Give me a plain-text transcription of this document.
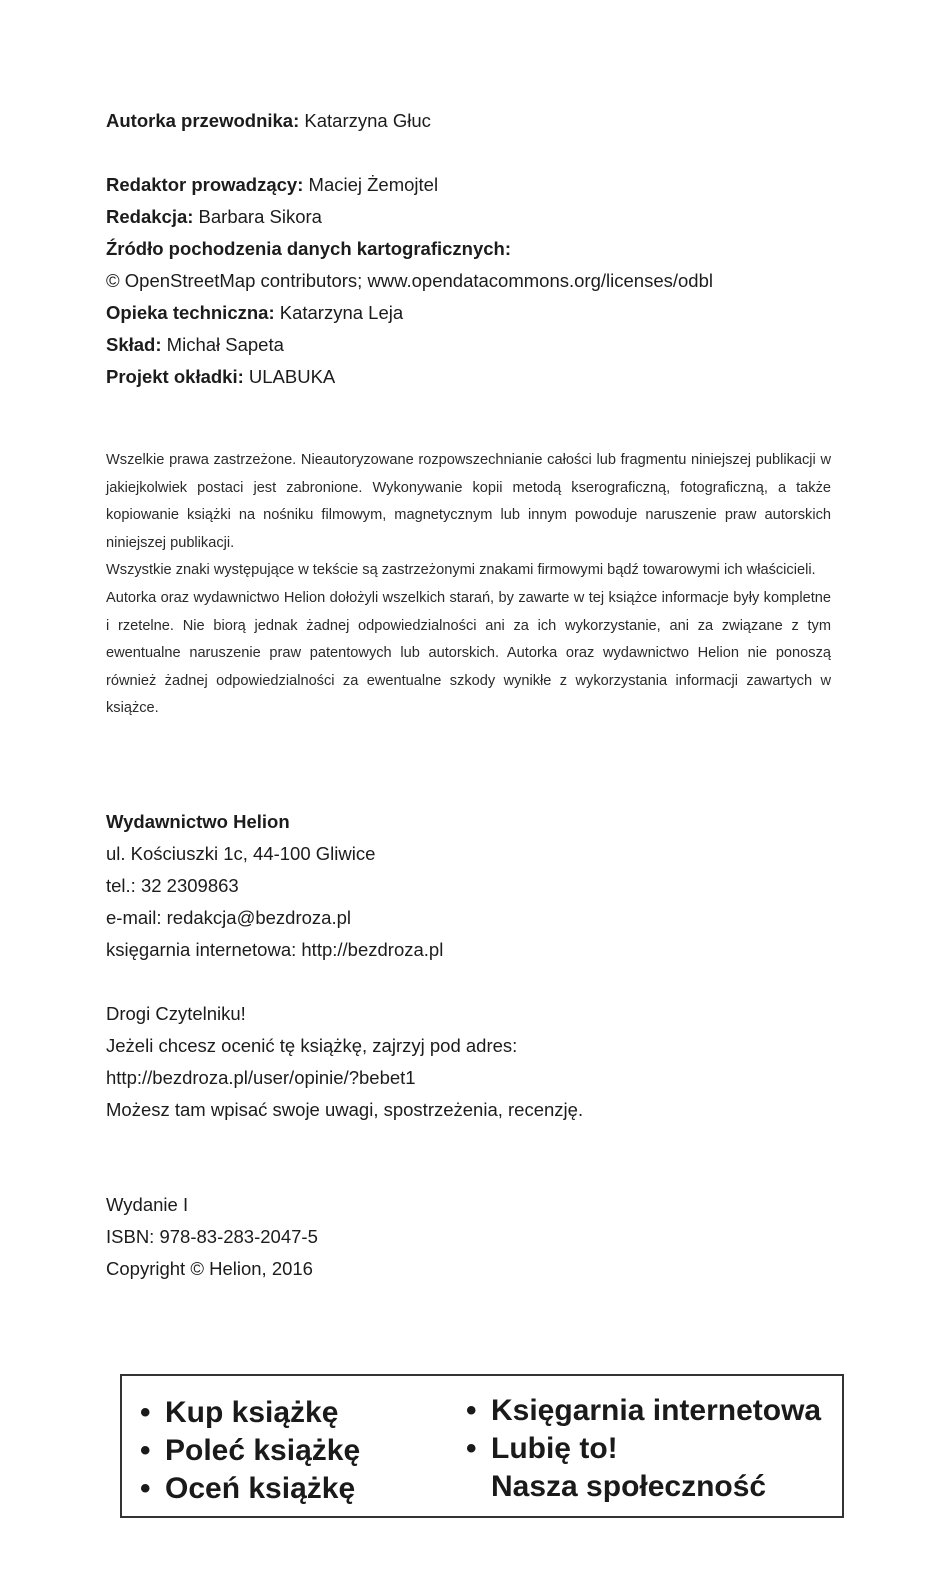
Autorka przewodnika: Katarzyna Głuc
Redaktor prowadzący: Maciej Żemojtel
Redakcja: Barbara Sikora
Źródło pochodzenia danych kartograficznych:
© OpenStreetMap contributors; www.opendatacommons.org/licenses/odbl
Opieka techniczna: Katarzyna Leja
Skład: Michał Sapeta
Projekt okładki: ULABUKA

Wszelkie prawa zastrzeżone. Nieautoryzowane rozpowszechnianie całości lub fragmentu niniejszej publikacji w jakiejkolwiek postaci jest zabronione. Wykonywanie kopii metodą kserograficzną, fotograficzną, a także kopiowanie książki na nośniku filmowym, magnetycznym lub innym powoduje naruszenie praw autorskich niniejszej publikacji.

Wszystkie znaki występujące w tekście są zastrzeżonymi znakami firmowymi bądź towarowymi ich właścicieli.

Autorka oraz wydawnictwo Helion dołożyli wszelkich starań, by zawarte w tej książce informacje były kompletne i rzetelne. Nie biorą jednak żadnej odpowiedzialności ani za ich wykorzystanie, ani za związane z tym ewentualne naruszenie praw patentowych lub autorskich. Autorka oraz wydawnictwo Helion nie ponoszą również żadnej odpowiedzialności za ewentualne szkody wynikłe z wykorzystania informacji zawartych w książce.

Wydawnictwo Helion
ul. Kościuszki 1c, 44-100 Gliwice
tel.: 32 2309863
e-mail: redakcja@bezdroza.pl
księgarnia internetowa: http://bezdroza.pl
Drogi Czytelniku!
Jeżeli chcesz ocenić tę książkę, zajrzyj pod adres:
http://bezdroza.pl/user/opinie/?bebet1
Możesz tam wpisać swoje uwagi, spostrzeżenia, recenzję.
Wydanie I
ISBN: 978-83-283-2047-5
Copyright © Helion, 2016
• Kup książkę
• Poleć książkę
• Oceń książkę
• Księgarnia internetowa
• Lubię to!
Nasza społeczność
